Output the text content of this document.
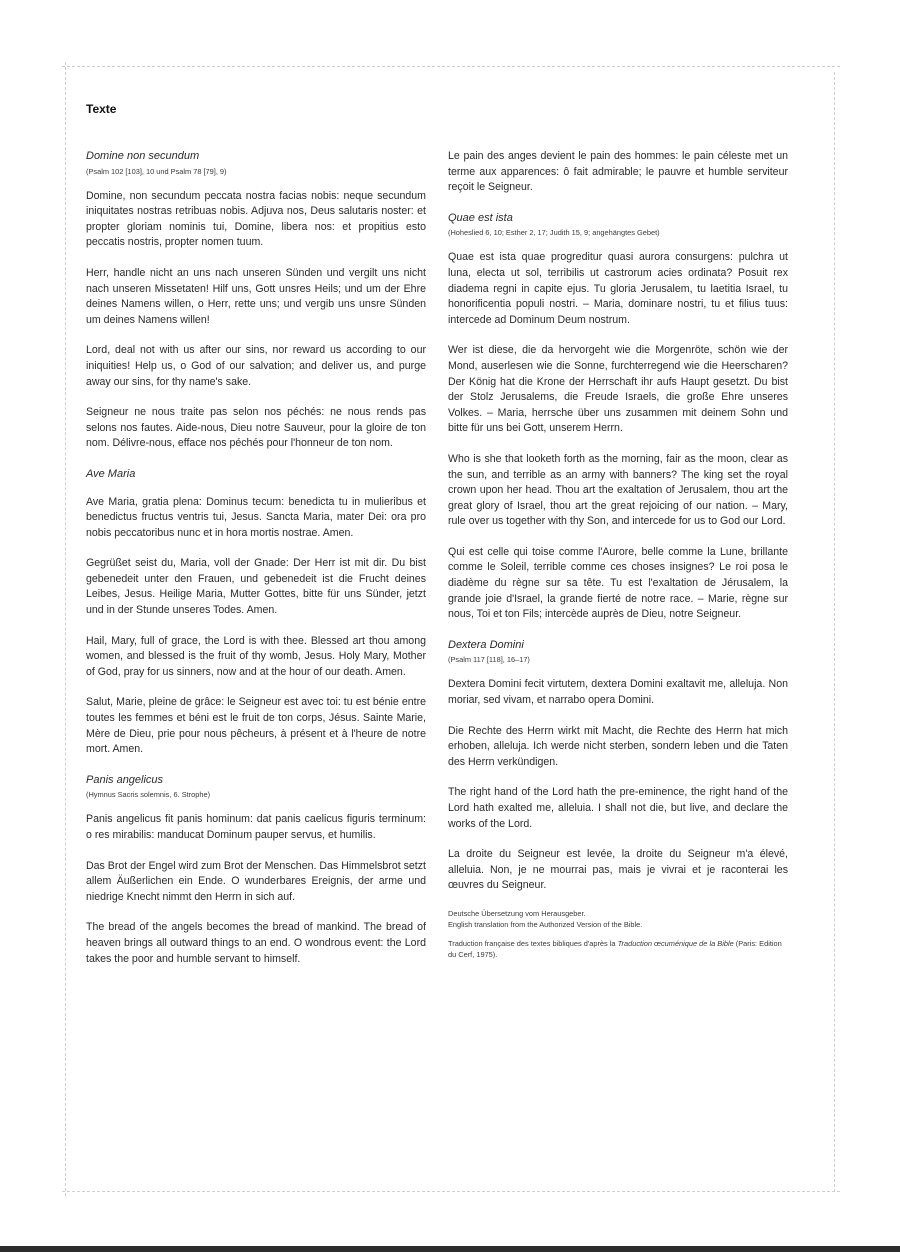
Texte

Domine non secundum

(Psalm 102 [103], 10 und Psalm 78 [79], 9)

Domine, non secundum peccata nostra facias nobis: neque secundum iniquitates nostras retribuas nobis. Adjuva nos, Deus salutaris noster: et propter gloriam nominis tui, Domine, libera nos: et propitius esto peccatis nostris, propter nomen tuum.

Herr, handle nicht an uns nach unseren Sünden und vergilt uns nicht nach unseren Missetaten! Hilf uns, Gott unsres Heils; und um der Ehre deines Namens willen, o Herr, rette uns; und vergib uns unsre Sünden um deines Namens willen!

Lord, deal not with us after our sins, nor reward us according to our iniquities! Help us, o God of our salvation; and deliver us, and purge away our sins, for thy name's sake.

Seigneur ne nous traite pas selon nos péchés: ne nous rends pas selons nos fautes. Aide-nous, Dieu notre Sauveur, pour la gloire de ton nom. Délivre-nous, efface nos péchés pour l'honneur de ton nom.

Ave Maria

Ave Maria, gratia plena: Dominus tecum: benedicta tu in mulieribus et benedictus fructus ventris tui, Jesus. Sancta Maria, mater Dei: ora pro nobis peccatoribus nunc et in hora mortis nostrae. Amen.

Gegrüßet seist du, Maria, voll der Gnade: Der Herr ist mit dir. Du bist gebenedeit unter den Frauen, und gebenedeit ist die Frucht deines Leibes, Jesus. Heilige Maria, Mutter Gottes, bitte für uns Sünder, jetzt und in der Stunde unseres Todes. Amen.

Hail, Mary, full of grace, the Lord is with thee. Blessed art thou among women, and blessed is the fruit of thy womb, Jesus. Holy Mary, Mother of God, pray for us sinners, now and at the hour of our death. Amen.

Salut, Marie, pleine de grâce: le Seigneur est avec toi: tu est bénie entre toutes les femmes et béni est le fruit de ton corps, Jésus. Sainte Marie, Mère de Dieu, prie pour nous pêcheurs, à présent et à l'heure de notre mort. Amen.

Panis angelicus

(Hymnus Sacris solemnis, 6. Strophe)

Panis angelicus fit panis hominum: dat panis caelicus figuris terminum: o res mirabilis: manducat Dominum pauper servus, et humilis.

Das Brot der Engel wird zum Brot der Menschen. Das Himmelsbrot setzt allem Äußerlichen ein Ende. O wunderbares Ereignis, der arme und niedrige Knecht nimmt den Herrn in sich auf.

The bread of the angels becomes the bread of mankind. The bread of heaven brings all outward things to an end. O wondrous event: the Lord takes the poor and humble servant to himself.

Le pain des anges devient le pain des hommes: le pain céleste met un terme aux apparences: ô fait admirable; le pauvre et humble serviteur reçoit le Seigneur.

Quae est ista

(Hoheslied 6, 10; Esther 2, 17; Judith 15, 9; angehängtes Gebet)

Quae est ista quae progreditur quasi aurora consurgens: pulchra ut luna, electa ut sol, terribilis ut castrorum acies ordinata? Posuit rex diadema regni in capite ejus. Tu gloria Jerusalem, tu laetitia Israel, tu honorificentia populi nostri. – Maria, dominare nostri, tu et filius tuus: intercede ad Dominum Deum nostrum.

Wer ist diese, die da hervorgeht wie die Morgenröte, schön wie der Mond, auserlesen wie die Sonne, furchterregend wie die Heerscharen? Der König hat die Krone der Herrschaft ihr aufs Haupt gesetzt. Du bist der Stolz Jerusalems, die Freude Israels, die große Ehre unseres Volkes. – Maria, herrsche über uns zusammen mit deinem Sohn und bitte für uns bei Gott, unserem Herrn.

Who is she that looketh forth as the morning, fair as the moon, clear as the sun, and terrible as an army with banners? The king set the royal crown upon her head. Thou art the exaltation of Jerusalem, thou art the great glory of Israel, thou art the great rejoicing of our nation. – Mary, rule over us together with thy Son, and intercede for us to God our Lord.

Qui est celle qui toise comme l'Aurore, belle comme la Lune, brillante comme le Soleil, terrible comme ces choses insignes? Le roi posa le diadème du règne sur sa tête. Tu est l'exaltation de Jérusalem, la grande joie d'Israel, la grande fierté de notre race. – Marie, règne sur nous, Toi et ton Fils; intercède auprès de Dieu, notre Seigneur.

Dextera Domini

(Psalm 117 [118], 16–17)

Dextera Domini fecit virtutem, dextera Domini exaltavit me, alleluja. Non moriar, sed vivam, et narrabo opera Domini.

Die Rechte des Herrn wirkt mit Macht, die Rechte des Herrn hat mich erhoben, alleluja. Ich werde nicht sterben, sondern leben und die Taten des Herrn verkündigen.

The right hand of the Lord hath the pre-eminence, the right hand of the Lord hath exalted me, alleluia. I shall not die, but live, and declare the works of the Lord.

La droite du Seigneur est levée, la droite du Seigneur m'a élevé, alleluia. Non, je ne mourrai pas, mais je vivrai et je raconterai les œuvres du Seigneur.

Deutsche Übersetzung vom Herausgeber.

English translation from the Authorized Version of the Bible.

Traduction française des textes bibliques d'après la Traduction œcuménique de la Bible (Paris: Edition du Cerf, 1975).
